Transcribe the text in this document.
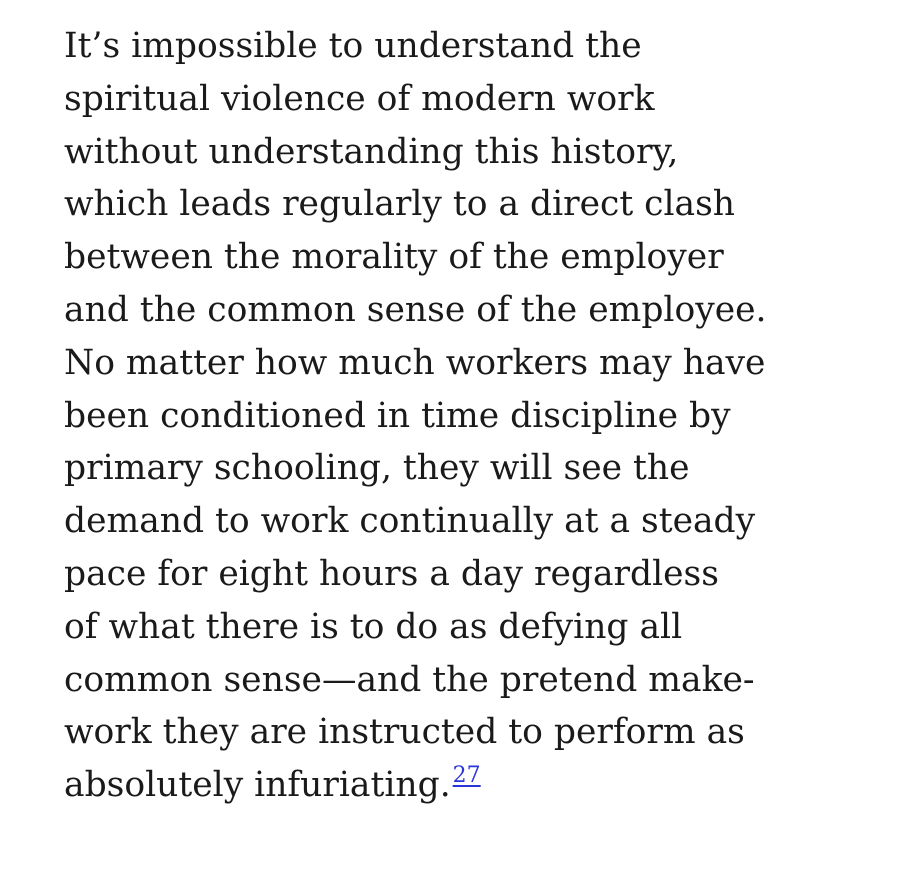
It’s impossible to understand the
spiritual violence of modern work
without understanding this history,
which leads regularly to a direct clash
between the morality of the employer
and the common sense of the employee.
No matter how much workers may have
been conditioned in time discipline by
primary schooling, they will see the
demand to work continually at a steady
pace for eight hours a day regardless
of what there is to do as defying all
common sense—and the pretend make-
work they are instructed to perform as
absolutely infuriating.$^{27}$
